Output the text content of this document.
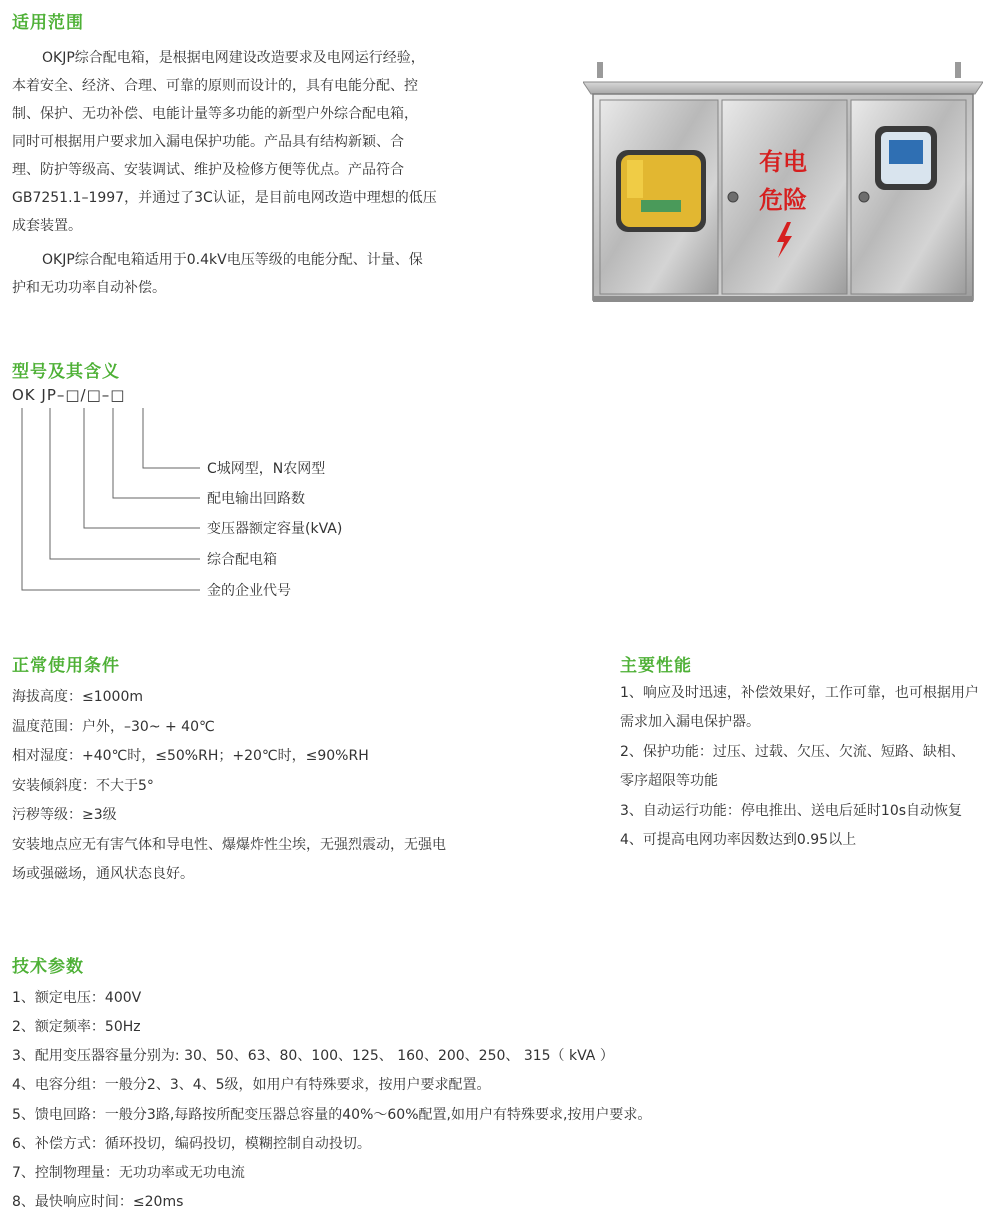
适用范围
OKJP综合配电箱，是根据电网建设改造要求及电网运行经验，
本着安全、经济、合理、可靠的原则而设计的，具有电能分配、控
制、保护、无功补偿、电能计量等多功能的新型户外综合配电箱，
同时可根据用户要求加入漏电保护功能。产品具有结构新颖、合
理、防护等级高、安装调试、维护及检修方便等优点。产品符合
GB7251.1–1997，并通过了3C认证，是目前电网改造中理想的低压
成套装置。
OKJP综合配电箱适用于0.4kV电压等级的电能分配、计量、保
护和无功功率自动补偿。
有电
危险
型号及其含义
OK JP–□/□–□
C城网型，N农网型
配电输出回路数
变压器额定容量(kVA)
综合配电箱
金的企业代号
正常使用条件
海拔高度：≤1000m
温度范围：户外，–30~ + 40℃
相对湿度：+40℃时，≤50%RH；+20℃时，≤90%RH
安装倾斜度：不大于5°
污秽等级：≥3级
安装地点应无有害气体和导电性、爆爆炸性尘埃，无强烈震动，无强电
场或强磁场，通风状态良好。
主要性能
1、响应及时迅速，补偿效果好，工作可靠，也可根据用户
需求加入漏电保护器。
2、保护功能：过压、过载、欠压、欠流、短路、缺相、
零序超限等功能
3、自动运行功能：停电推出、送电后延时10s自动恢复
4、可提高电网功率因数达到0.95以上
技术参数
1、额定电压：400V
2、额定频率：50Hz
3、配用变压器容量分别为: 30、50、63、80、100、125、 160、200、250、 315（ kVA ）
4、电容分组：一般分2、3、4、5级，如用户有特殊要求，按用户要求配置。
5、馈电回路：一般分3路,每路按所配变压器总容量的40%～60%配置,如用户有特殊要求,按用户要求。
6、补偿方式：循环投切，编码投切，模糊控制自动投切。
7、控制物理量：无功功率或无功电流
8、最快响应时间：≤20ms
